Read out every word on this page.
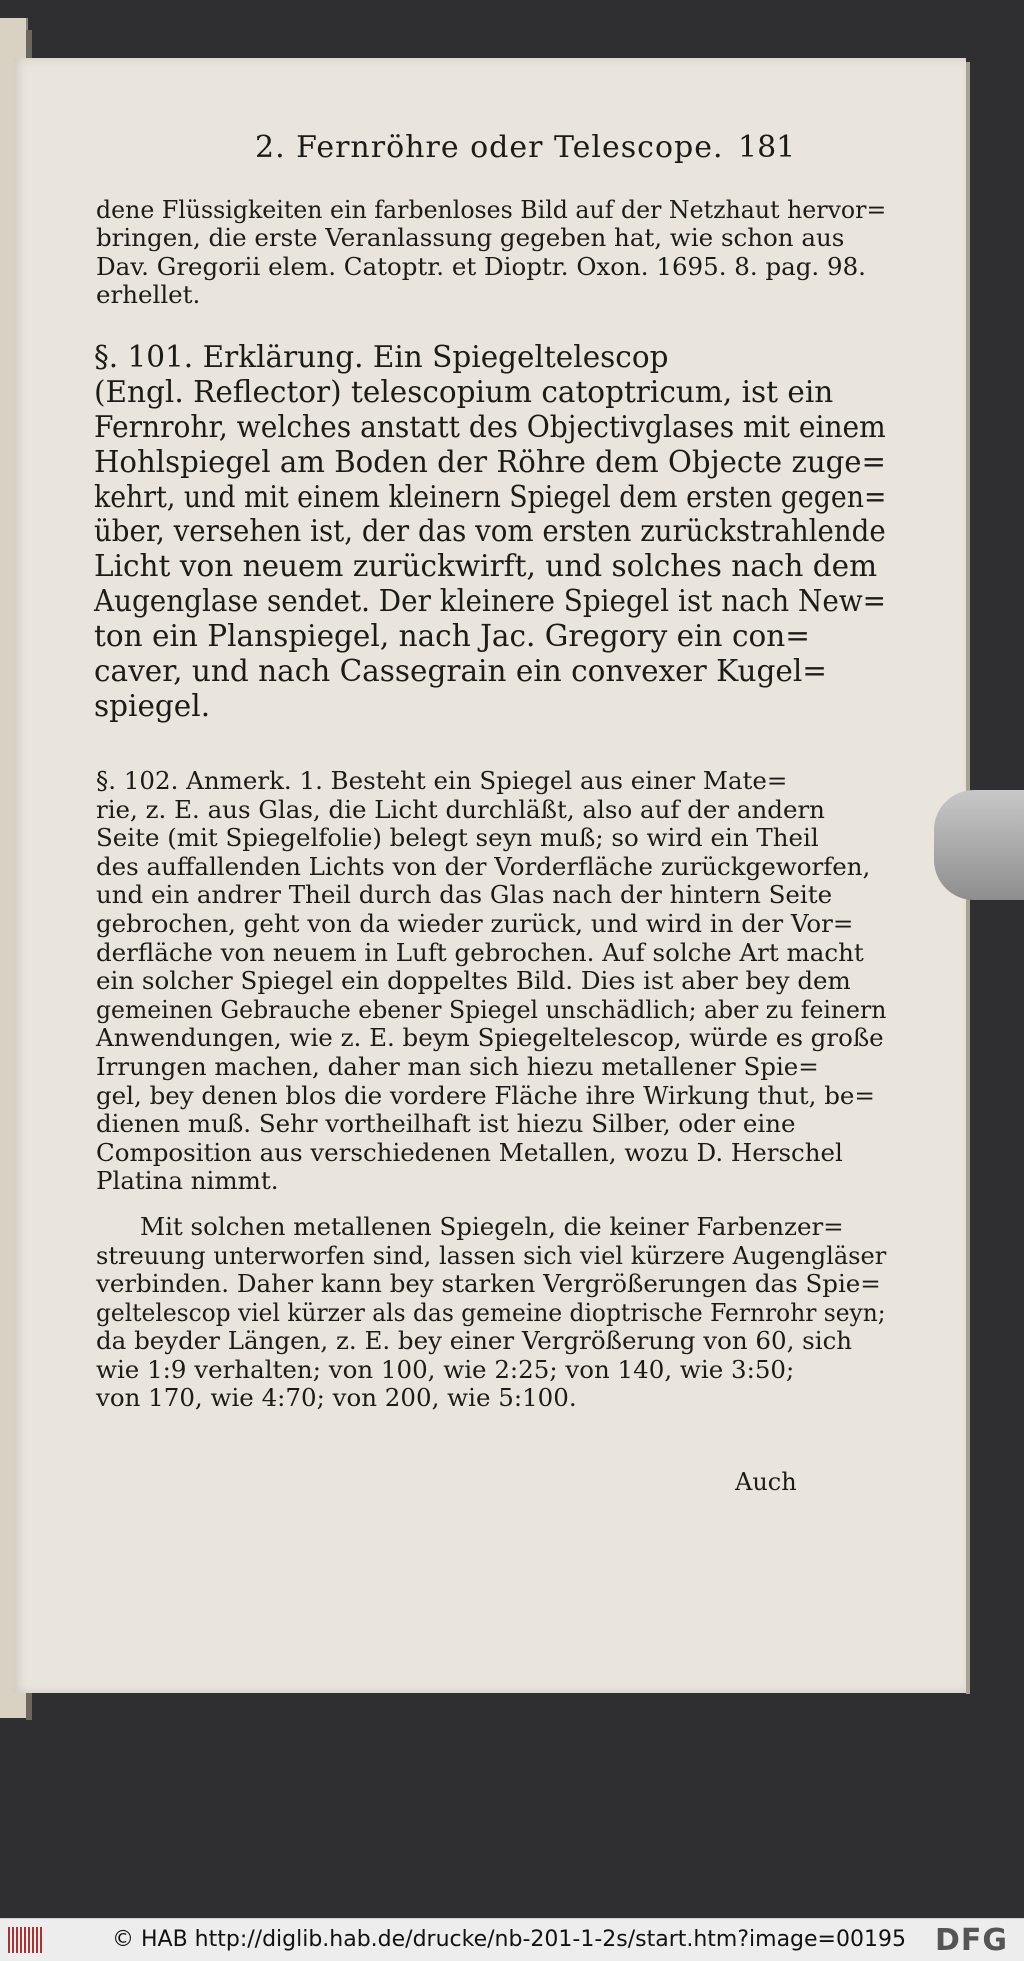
2. Fernröhre oder Telescope. 181
dene Flüssigkeiten ein farbenloses Bild auf der Netzhaut hervor=
bringen, die erste Veranlassung gegeben hat, wie schon aus
Dav. Gregorii elem. Catoptr. et Dioptr. Oxon. 1695. 8. pag. 98.
erhellet.
§. 101. Erklärung. Ein Spiegeltelescop
(Engl. Reflector) telescopium catoptricum, ist ein
Fernrohr, welches anstatt des Objectivglases mit einem
Hohlspiegel am Boden der Röhre dem Objecte zuge=
kehrt, und mit einem kleinern Spiegel dem ersten gegen=
über, versehen ist, der das vom ersten zurückstrahlende
Licht von neuem zurückwirft, und solches nach dem
Augenglase sendet. Der kleinere Spiegel ist nach New=
ton ein Planspiegel, nach Jac. Gregory ein con=
caver, und nach Cassegrain ein convexer Kugel=
spiegel.
§. 102. Anmerk. 1. Besteht ein Spiegel aus einer Mate=
rie, z. E. aus Glas, die Licht durchläßt, also auf der andern
Seite (mit Spiegelfolie) belegt seyn muß; so wird ein Theil
des auffallenden Lichts von der Vorderfläche zurückgeworfen,
und ein andrer Theil durch das Glas nach der hintern Seite
gebrochen, geht von da wieder zurück, und wird in der Vor=
derfläche von neuem in Luft gebrochen. Auf solche Art macht
ein solcher Spiegel ein doppeltes Bild. Dies ist aber bey dem
gemeinen Gebrauche ebener Spiegel unschädlich; aber zu feinern
Anwendungen, wie z. E. beym Spiegeltelescop, würde es große
Irrungen machen, daher man sich hiezu metallener Spie=
gel, bey denen blos die vordere Fläche ihre Wirkung thut, be=
dienen muß. Sehr vortheilhaft ist hiezu Silber, oder eine
Composition aus verschiedenen Metallen, wozu D. Herschel
Platina nimmt.
Mit solchen metallenen Spiegeln, die keiner Farbenzer=
streuung unterworfen sind, lassen sich viel kürzere Augengläser
verbinden. Daher kann bey starken Vergrößerungen das Spie=
geltelescop viel kürzer als das gemeine dioptrische Fernrohr seyn;
da beyder Längen, z. E. bey einer Vergrößerung von 60, sich
wie 1:9 verhalten; von 100, wie 2:25; von 140, wie 3:50;
von 170, wie 4:70; von 200, wie 5:100.
Auch
© HAB http://diglib.hab.de/drucke/nb-201-1-2s/start.htm?image=00195 DFG
